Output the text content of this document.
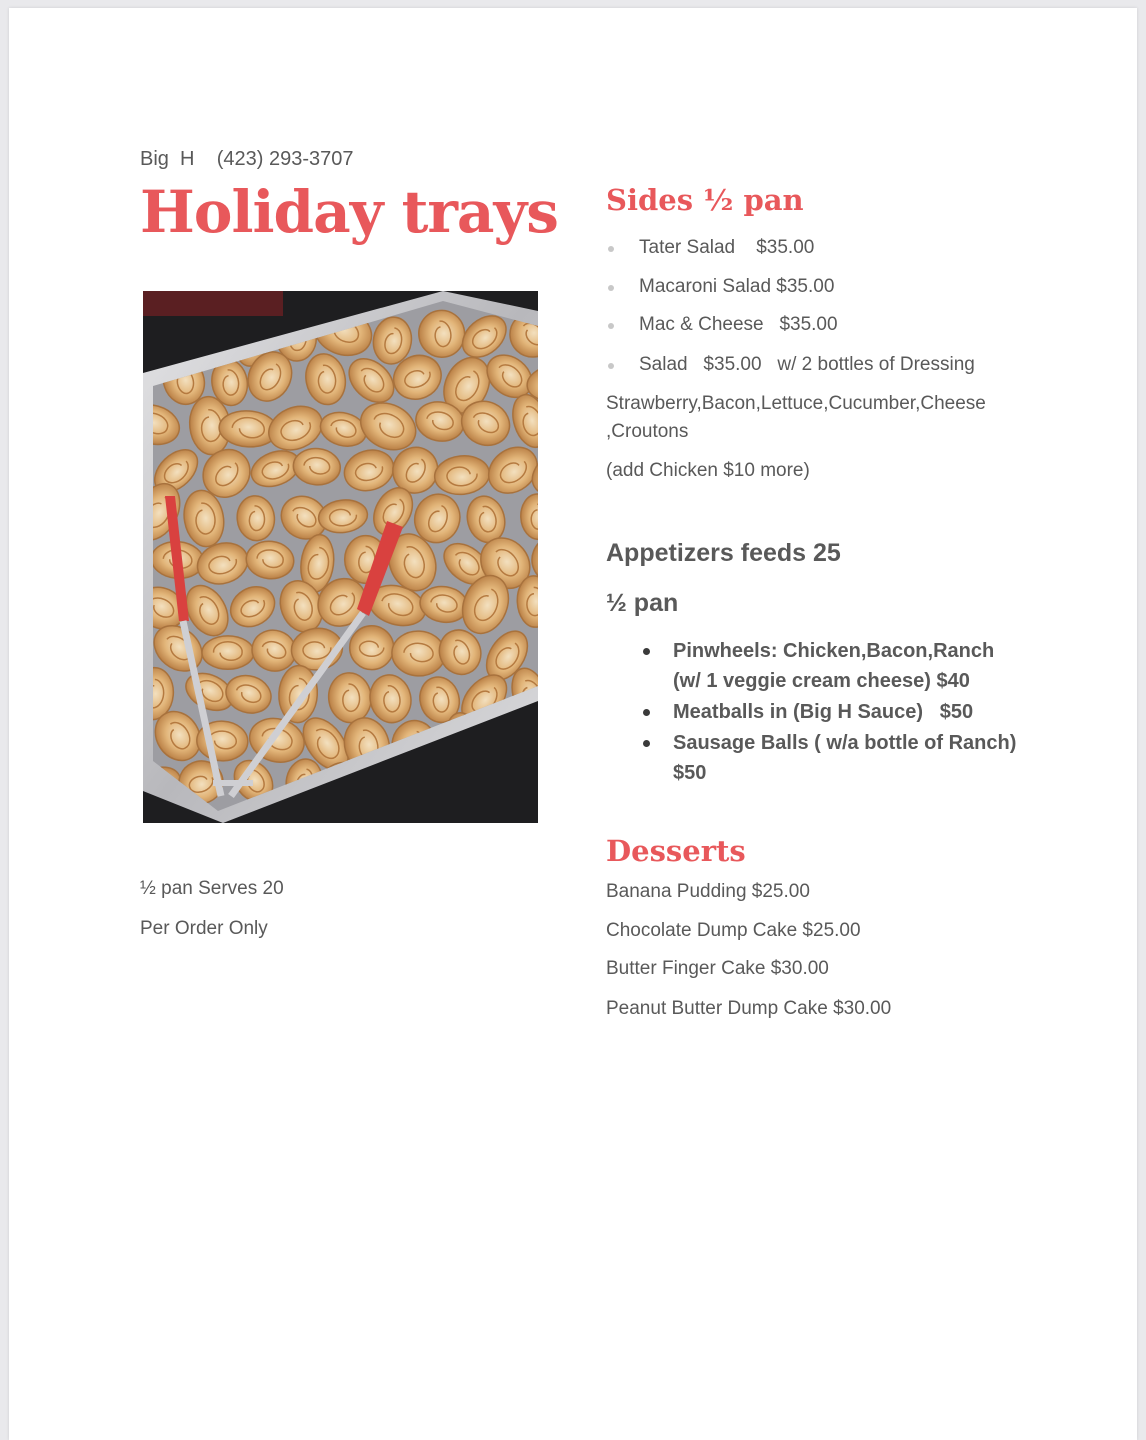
Big  H (423) 293-3707
Holiday trays
½ pan Serves 20
Per Order Only
Sides ½ pan
Tater Salad    $35.00
Macaroni Salad $35.00
Mac & Cheese   $35.00
Salad   $35.00   w/ 2 bottles of Dressing
Strawberry,Bacon,Lettuce,Cucumber,Cheese
,Croutons
(add Chicken $10 more)
Appetizers feeds 25
½ pan
Pinwheels: Chicken,Bacon,Ranch (w/ 1 veggie cream cheese) $40
Meatballs in (Big H Sauce)   $50
Sausage Balls ( w/a bottle of Ranch) $50
Desserts
Banana Pudding $25.00
Chocolate Dump Cake $25.00
Butter Finger Cake $30.00
Peanut Butter Dump Cake $30.00
